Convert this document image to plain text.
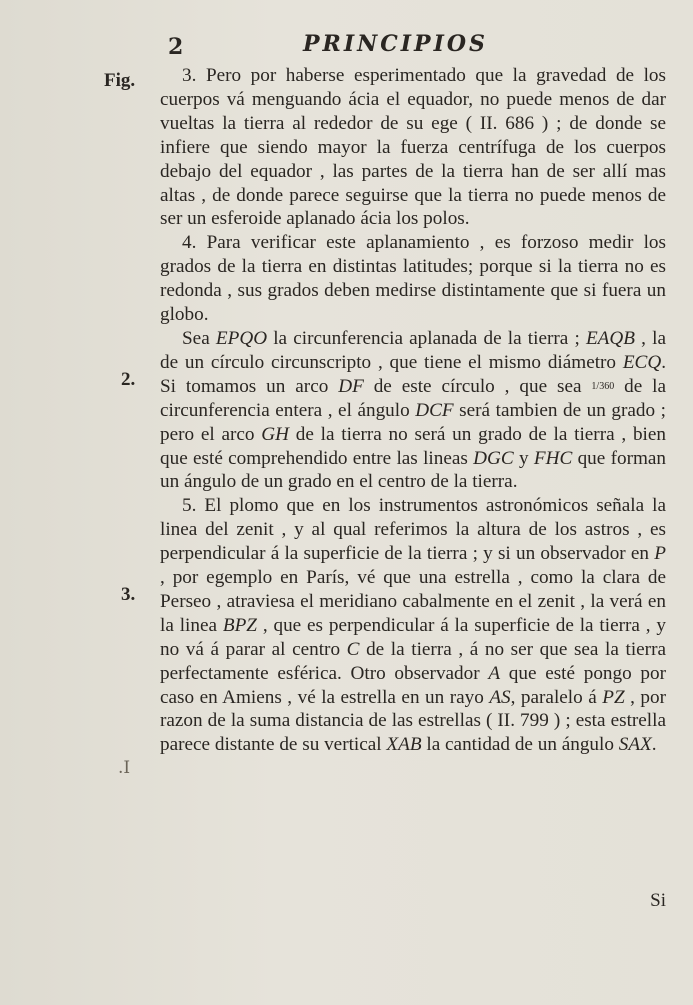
2	PRINCIPIOS
Fig.
2.
3.
.I

3. Pero por haberse esperimentado que la gravedad de los cuerpos vá menguando ácia el equador, no puede menos de dar vueltas la tierra al rededor de su ege ( II. 686 ) ; de donde se infiere que siendo mayor la fuerza centrífuga de los cuerpos debajo del equador , las partes de la tierra han de ser allí mas altas , de donde parece seguirse que la tierra no puede menos de ser un esferoide aplanado ácia los polos.

4. Para verificar este aplanamiento , es forzoso medir los grados de la tierra en distintas latitudes; porque si la tierra no es redonda , sus grados deben medirse distintamente que si fuera un globo.

Sea EPQO la circunferencia aplanada de la tierra ; EAQB , la de un círculo circunscripto , que tiene el mismo diámetro ECQ. Si tomamos un arco DF de este círculo , que sea 1/360 de la circunferencia entera , el ángulo DCF será tambien de un grado ; pero el arco GH de la tierra no será un grado de la tierra , bien que esté comprehendido entre las lineas DGC y FHC que forman un ángulo de un grado en el centro de la tierra.

5. El plomo que en los instrumentos astronómicos señala la linea del zenit , y al qual referimos la altura de los astros , es perpendicular á la superficie de la tierra ; y si un observador en P , por egemplo en París, vé que una estrella , como la clara de Perseo , atraviesa el meridiano cabalmente en el zenit , la verá en la linea BPZ , que es perpendicular á la superficie de la tierra , y no vá á parar al centro C de la tierra , á no ser que sea la tierra perfectamente esférica. Otro observador A que esté pongo por caso en Amiens , vé la estrella en un rayo AS, paralelo á PZ , por razon de la suma distancia de las estrellas ( II. 799 ) ; esta estrella parece distante de su vertical XAB la cantidad de un ángulo SAX.

Si
